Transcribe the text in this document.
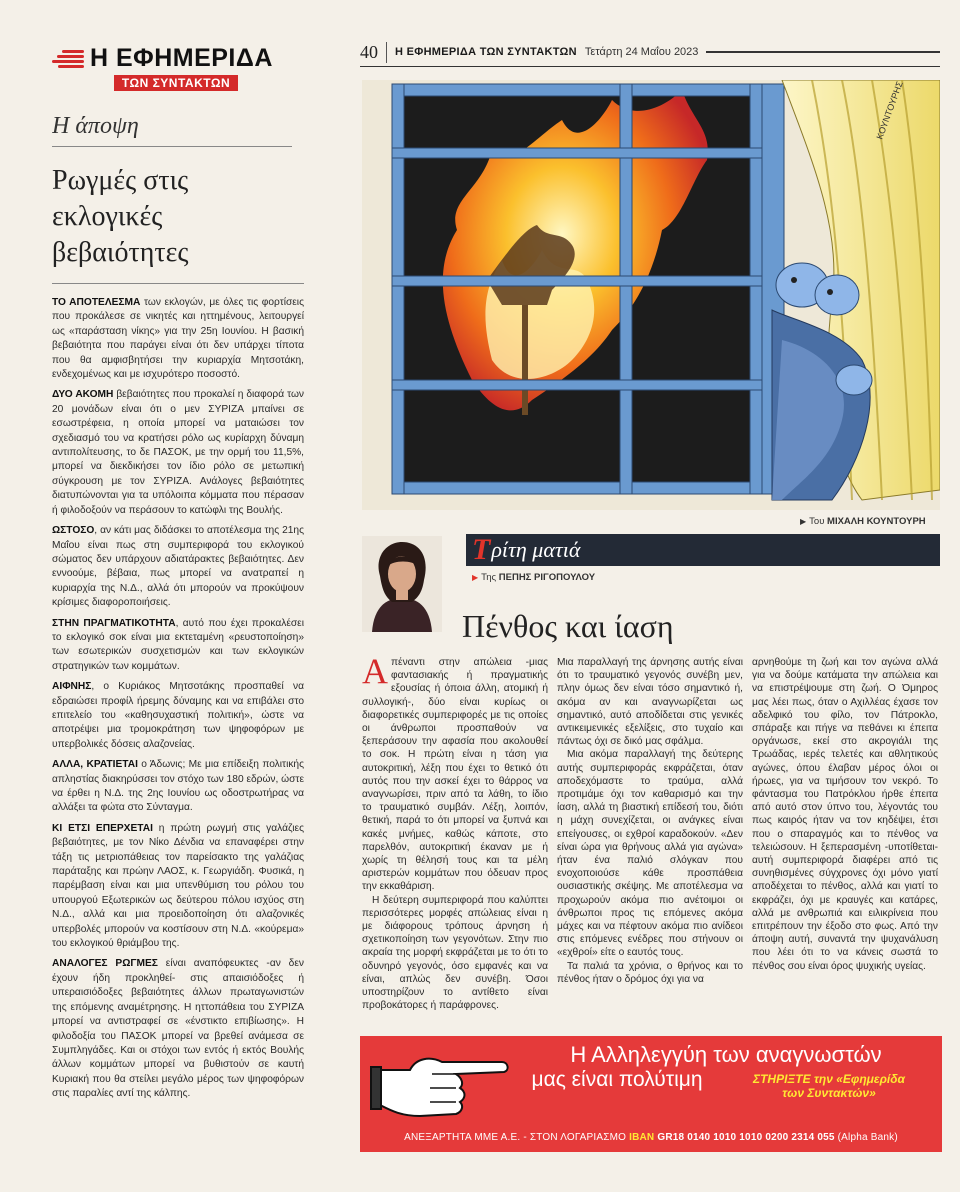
Η ΕΦΗΜΕΡΙΔΑ
ΤΩΝ ΣΥΝΤΑΚΤΩΝ
Η άποψη
Ρωγμές στις εκλογικές βεβαιότητες

ΤΟ ΑΠΟΤΕΛΕΣΜΑ των εκλογών, με όλες τις φορτίσεις που προκάλεσε σε νικητές και ηττημένους, λειτουργεί ως «παράσταση νίκης» για την 25η Ιουνίου. Η βασική βεβαιότητα που παράγει είναι ότι δεν υπάρχει τίποτα που θα αμφισβητήσει την κυριαρχία Μητσοτάκη, ενδεχομένως και με ισχυρότερο ποσοστό.

ΔΥΟ ΑΚΟΜΗ βεβαιότητες που προκαλεί η διαφορά των 20 μονάδων είναι ότι ο μεν ΣΥΡΙΖΑ μπαίνει σε εσωστρέφεια, η οποία μπορεί να ματαιώσει τον σχεδιασμό του να κρατήσει ρόλο ως κυρίαρχη δύναμη αντιπολίτευσης, το δε ΠΑΣΟΚ, με την ορμή του 11,5%, μπορεί να διεκδικήσει τον ίδιο ρόλο σε μετωπική σύγκρουση με τον ΣΥΡΙΖΑ. Ανάλογες βεβαιότητες διατυπώνονται για τα υπόλοιπα κόμματα που πέρασαν ή φιλοδοξούν να περάσουν το κατώφλι της Βουλής.

ΩΣΤΟΣΟ, αν κάτι μας διδάσκει το αποτέλεσμα της 21ης Μαΐου είναι πως στη συμπεριφορά του εκλογικού σώματος δεν υπάρχουν αδιατάρακτες βεβαιότητες. Δεν εννοούμε, βέβαια, πως μπορεί να ανατραπεί η κυριαρχία της Ν.Δ., αλλά ότι μπορούν να προκύψουν κρίσιμες διαφοροποιήσεις.

ΣΤΗΝ ΠΡΑΓΜΑΤΙΚΟΤΗΤΑ, αυτό που έχει προκαλέσει το εκλογικό σοκ είναι μια εκτεταμένη «ρευστοποίηση» των εσωτερικών συσχετισμών και των εκλογικών στρατηγικών των κομμάτων.

ΑΙΦΝΗΣ, ο Κυριάκος Μητσοτάκης προσπαθεί να εδραιώσει προφίλ ήρεμης δύναμης και να επιβάλει στο επιτελείο του «καθησυχαστική πολιτική», ώστε να αποτρέψει μια τρομοκράτηση των ψηφοφόρων με υπερβολικές δόσεις αλαζονείας.

ΑΛΛΑ, ΚΡΑΤΙΕΤΑΙ ο Άδωνις; Με μια επίδειξη πολιτικής απληστίας διακηρύσσει τον στόχο των 180 εδρών, ώστε να έρθει η Ν.Δ. της 2ης Ιουνίου ως οδοστρωτήρας να αλλάξει τα φώτα στο Σύνταγμα.

ΚΙ ΕΤΣΙ ΕΠΕΡΧΕΤΑΙ η πρώτη ρωγμή στις γαλάζιες βεβαιότητες, με τον Νίκο Δένδια να επαναφέρει στην τάξη τις μετριοπάθειας τον παρείσακτο της γαλάζιας παράταξης και πρώην ΛΑΟΣ, κ. Γεωργιάδη. Φυσικά, η παρέμβαση είναι και μια υπενθύμιση του ρόλου του υπουργού Εξωτερικών ως δεύτερου πόλου ισχύος στη Ν.Δ., αλλά και μια προειδοποίηση ότι αλαζονικές υπερβολές μπορούν να κοστίσουν στη Ν.Δ. «κούρεμα» του εκλογικού θριάμβου της.

ΑΝΑΛΟΓΕΣ ΡΩΓΜΕΣ είναι αναπόφευκτες -αν δεν έχουν ήδη προκληθεί- στις απαισιόδοξες ή υπεραισιόδοξες βεβαιότητες άλλων πρωταγωνιστών της επόμενης αναμέτρησης. Η ηττοπάθεια του ΣΥΡΙΖΑ μπορεί να αντιστραφεί σε «ένστικτο επιβίωσης». Η φιλοδοξία του ΠΑΣΟΚ μπορεί να βρεθεί ανάμεσα σε Συμπληγάδες. Και οι στόχοι των εντός ή εκτός Βουλής άλλων κομμάτων μπορεί να βυθιστούν σε καυτή Κυριακή που θα στείλει μεγάλο μέρος των ψηφοφόρων στις παραλίες αντί της κάλπης.

40	Η ΕΦΗΜΕΡΙΔΑ ΤΩΝ ΣΥΝΤΑΚΤΩΝ Τετάρτη 24 Μαΐου 2023
ΚΟΥΝΤΟΥΡΗΣ
▶ Του ΜΙΧΑΛΗ ΚΟΥΝΤΟΥΡΗ
Τ ρίτη ματιά
▶ Της ΠΕΠΗΣ ΡΙΓΟΠΟΥΛΟΥ
Πένθος και ίαση

Απέναντι στην απώλεια -μιας φαντασιακής ή πραγματικής εξουσίας ή όποια άλλη, ατομική ή συλλογική-, δύο είναι κυρίως οι διαφορετικές συμπεριφορές με τις οποίες οι άνθρωποι προσπαθούν να ξεπεράσουν την αφασία που ακολουθεί το σοκ. Η πρώτη είναι η τάση για αυτοκριτική, λέξη που έχει το θετικό ότι αυτός που την ασκεί έχει το θάρρος να αναγνωρίσει, πριν από τα λάθη, το ίδιο το τραυματικό συμβάν. Λέξη, λοιπόν, θετική, παρά το ότι μπορεί να ξυπνά και κακές μνήμες, καθώς κάποτε, στο παρελθόν, αυτοκριτική έκαναν με ή χωρίς τη θέλησή τους και τα μέλη αριστερών κομμάτων που όδευαν προς την εκκαθάριση.

Η δεύτερη συμπεριφορά που καλύπτει περισσότερες μορφές απώλειας είναι η με διάφορους τρόπους άρνηση ή σχετικοποίηση των γεγονότων. Στην πιο ακραία της μορφή εκφράζεται με το ότι το οδυνηρό γεγονός, όσο εμφανές και να είναι, απλώς δεν συνέβη. Όσοι υποστηρίζουν το αντίθετο είναι προβοκάτορες ή παράφρονες.

Μια παραλλαγή της άρνησης αυτής είναι ότι το τραυματικό γεγονός συνέβη μεν, πλην όμως δεν είναι τόσο σημαντικό ή, ακόμα αν και αναγνωρίζεται ως σημαντικό, αυτό αποδίδεται στις γενικές αντικειμενικές εξελίξεις, στο τυχαίο και πάντως όχι σε δικό μας σφάλμα.

Μια ακόμα παραλλαγή της δεύτερης αυτής συμπεριφοράς εκφράζεται, όταν αποδεχόμαστε το τραύμα, αλλά προτιμάμε όχι τον καθαρισμό και την ίαση, αλλά τη βιαστική επίδεσή του, διότι η μάχη συνεχίζεται, οι ανάγκες είναι επείγουσες, οι εχθροί καραδοκούν. «Δεν είναι ώρα για θρήνους αλλά για αγώνα» ήταν ένα παλιό σλόγκαν που ενοχοποιούσε κάθε προσπάθεια ουσιαστικής σκέψης. Με αποτέλεσμα να προχωρούν ακόμα πιο ανέτοιμοι οι άνθρωποι προς τις επόμενες ακόμα μάχες και να πέφτουν ακόμα πιο ανίδεοι στις επόμενες ενέδρες που στήνουν οι «εχθροί» είτε ο εαυτός τους.

Τα παλιά τα χρόνια, ο θρήνος και το πένθος ήταν ο δρόμος όχι για να

αρνηθούμε τη ζωή και τον αγώνα αλλά για να δούμε κατάματα την απώλεια και να επιστρέψουμε στη ζωή. Ο Όμηρος μας λέει πως, όταν ο Αχιλλέας έχασε τον αδελφικό του φίλο, τον Πάτροκλο, σπάραξε και πήγε να πεθάνει κι έπειτα οργάνωσε, εκεί στο ακρογιάλι της Τρωάδας, ιερές τελετές και αθλητικούς αγώνες, όπου έλαβαν μέρος όλοι οι ήρωες, για να τιμήσουν τον νεκρό. Το φάντασμα του Πατρόκλου ήρθε έπειτα από αυτό στον ύπνο του, λέγοντάς του πως καιρός ήταν να τον κηδέψει, έτσι που ο σπαραγμός και το πένθος να τελειώσουν. Η ξεπερασμένη -υποτίθεται- αυτή συμπεριφορά διαφέρει από τις συνηθισμένες σύγχρονες όχι μόνο γιατί αποδέχεται το πένθος, αλλά και γιατί το εκφράζει, όχι με κραυγές και κατάρες, αλλά με ανθρωπιά και ειλικρίνεια που επιτρέπουν την έξοδο στο φως. Από την άποψη αυτή, συναντά την ψυχανάλυση που λέει ότι το να κάνεις σωστά το πένθος σου είναι όρος ψυχικής υγείας.

Η Αλληλεγγύη των αναγνωστών
μας είναι πολύτιμη	ΣΤΗΡΙΞΤΕ την «Εφημερίδα
των Συντακτών»
ΑΝΕΞΑΡΤΗΤΑ ΜΜΕ Α.Ε. - ΣΤΟΝ ΛΟΓΑΡΙΑΣΜΟ IBAN GR18 0140 1010 1010 0200 2314 055 (Alpha Bank)
